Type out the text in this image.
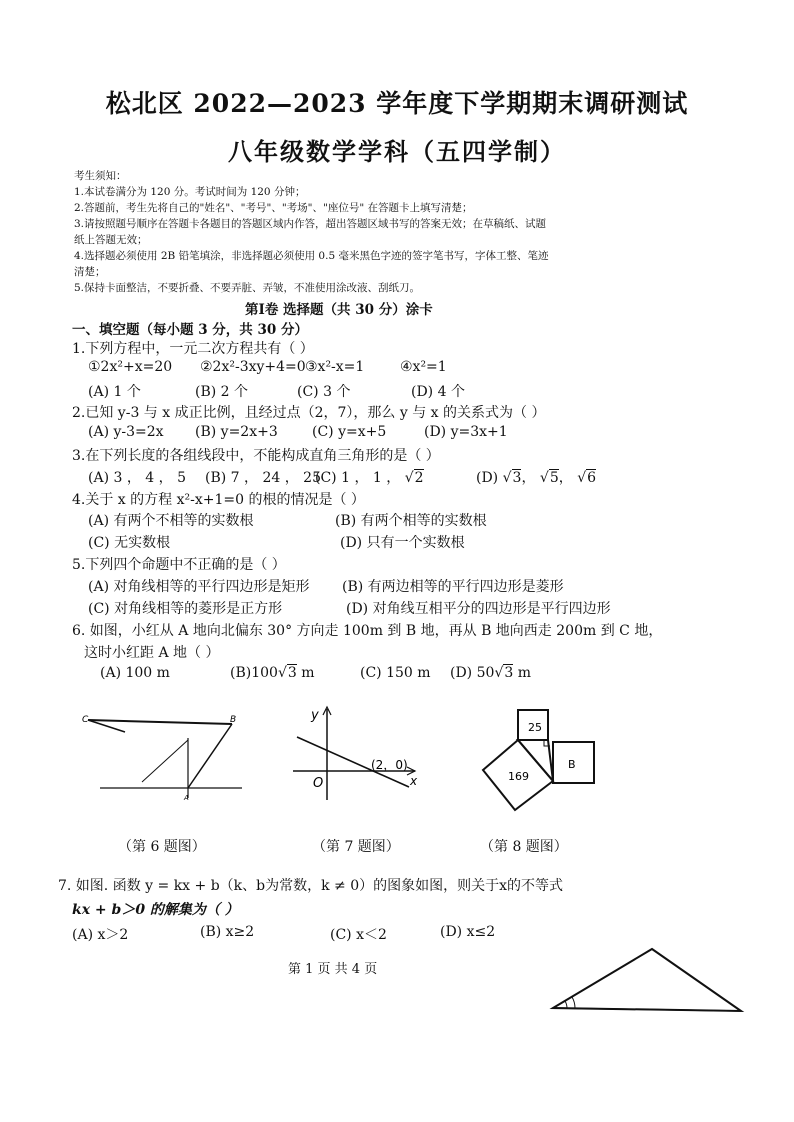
松北区 2022—2023 学年度下学期期末调研测试
八年级数学学科（五四学制）
考生须知：
1.本试卷满分为 120 分。考试时间为 120 分钟；
2.答题前，考生先将自己的"姓名"、"考号"、"考场"、"座位号" 在答题卡上填写清楚；
3.请按照题号顺序在答题卡各题目的答题区域内作答，超出答题区域书写的答案无效；在草稿纸、试题
纸上答题无效；
4.选择题必须使用 2B 铅笔填涂，非选择题必须使用 0.5 毫米黑色字迹的签字笔书写，字体工整、笔迹
清楚；
5.保持卡面整洁，不要折叠、不要弄脏、弄皱，不准使用涂改液、刮纸刀。
第Ⅰ卷 选择题（共 30 分）涂卡
一、填空题（每小题 3 分，共 30 分）
1.下列方程中，一元二次方程共有（ ）
①2x²+x=20 ②2x²-3xy+4=0 ③x²-x=1	④x²=1
(A) 1 个	(B) 2 个	(C) 3 个	(D) 4 个
2.已知 y-3 与 x 成正比例，且经过点（2，7），那么 y 与 x 的关系式为（ ）
(A) y-3=2x (B) y=2x+3 (C) y=x+5	(D) y=3x+1
3.在下列长度的各组线段中，不能构成直角三角形的是（ ）
(A) 3 ， 4 ， 5 (B) 7 ， 24 ， 25
(C) 1 ， 1 ， √2	(D) √3， √5， √6
4.关于 x 的方程 x²-x+1=0 的根的情况是（ ）
(A) 有两个不相等的实数根	(B) 有两个相等的实数根
(C) 无实数根	(D) 只有一个实数根
5.下列四个命题中不正确的是（ ）
(A) 对角线相等的平行四边形是矩形 (B) 有两边相等的平行四边形是菱形
(C) 对角线相等的菱形是正方形	(D) 对角线互相平分的四边形是平行四边形
6. 如图，小红从 A 地向北偏东 30° 方向走 100m 到 B 地，再从 B 地向西走 200m 到 C 地，
这时小红距 A 地（ ）
(A) 100 m	(B)100√3 m	(C) 150 m (D) 50√3 m
C	B
A
y
x
O
(2，0)
25
169
B
（第 6 题图）	（第 7 题图）	（第 8 题图）
7. 如图. 函数 y = kx + b（k、b为常数，k ≠ 0）的图象如图，则关于x的不等式
kx + b＞0 的解集为（ ）
(A) x＞2	(B) x≥2	(C) x＜2	(D) x≤2
第 1 页 共 4 页
